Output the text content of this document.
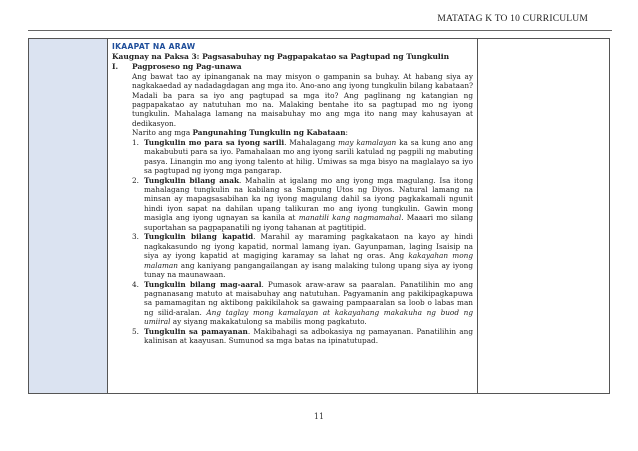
MATATAG K TO 10 CURRICULUM
IKAAPAT NA ARAW
Kaugnay na Paksa 3: Pagsasabuhay ng Pagpapakatao sa Pagtupad ng Tungkulin
I.	Pagproseso ng Pag-unawa

Ang bawat tao ay ipinanganak na may misyon o gampanin sa buhay. At habang siya ay nagkakaedad ay nadadagdagan ang mga ito. Ano-ano ang iyong tungkulin bilang kabataan? Madali ba para sa iyo ang pagtupad sa mga ito? Ang paglinang ng katangian ng pagpapakatao ay natutuhan mo na. Malaking bentahe ito sa pagtupad mo ng iyong tungkulin. Mahalaga lamang na maisabuhay mo ang mga ito nang may kahusayan at dedikasyon.

Narito ang mga Pangunahing Tungkulin ng Kabataan:

1. Tungkulin mo para sa iyong sarili. Mahalagang may kamalayan ka sa kung ano ang makabubuti para sa iyo. Pamahalaan mo ang iyong sarili katulad ng pagpili ng mabuting pasya. Linangin mo ang iyong talento at hilig. Umiwas sa mga bisyo na maglalayo sa iyo sa pagtupad ng iyong mga pangarap.
2. Tungkulin bilang anak. Mahalin at igalang mo ang iyong mga magulang. Isa itong mahalagang tungkulin na kabilang sa Sampung Utos ng Diyos. Natural lamang na minsan ay mapagsasabihan ka ng iyong magulang dahil sa iyong pagkakamali ngunit hindi iyon sapat na dahilan upang talikuran mo ang iyong tungkulin. Gawin mong masigla ang iyong ugnayan sa kanila at manatili kang nagmamahal. Maaari mo silang suportahan sa pagpapanatili ng iyong tahanan at pagtitipid.
3. Tungkulin bilang kapatid. Marahil ay maraming pagkakataon na kayo ay hindi nagkakasundo ng iyong kapatid, normal lamang iyan. Gayunpaman, laging Isaisip na siya ay iyong kapatid at magiging karamay sa lahat ng oras. Ang kakayahan mong malaman ang kaniyang pangangailangan ay isang malaking tulong upang siya ay iyong tunay na maunawaan.
4. Tungkulin bilang mag-aaral. Pumasok araw-araw sa paaralan. Panatilihin mo ang pagnanasang matuto at maisabuhay ang natutuhan. Pagyamanin ang pakikipagkapuwa sa pamamagitan ng aktibong pakikilahok sa gawaing pampaaralan sa loob o labas man ng silid-aralan. Ang taglay mong kamalayan at kakayahang makakuha ng buod ng umiiral ay siyang makakatulong sa mabilis mong pagkatuto.
5. Tungkulin sa pamayanan. Makibahagi sa adbokasiya ng pamayanan. Panatilihin ang kalinisan at kaayusan. Sumunod sa mga batas na ipinatutupad.
11
